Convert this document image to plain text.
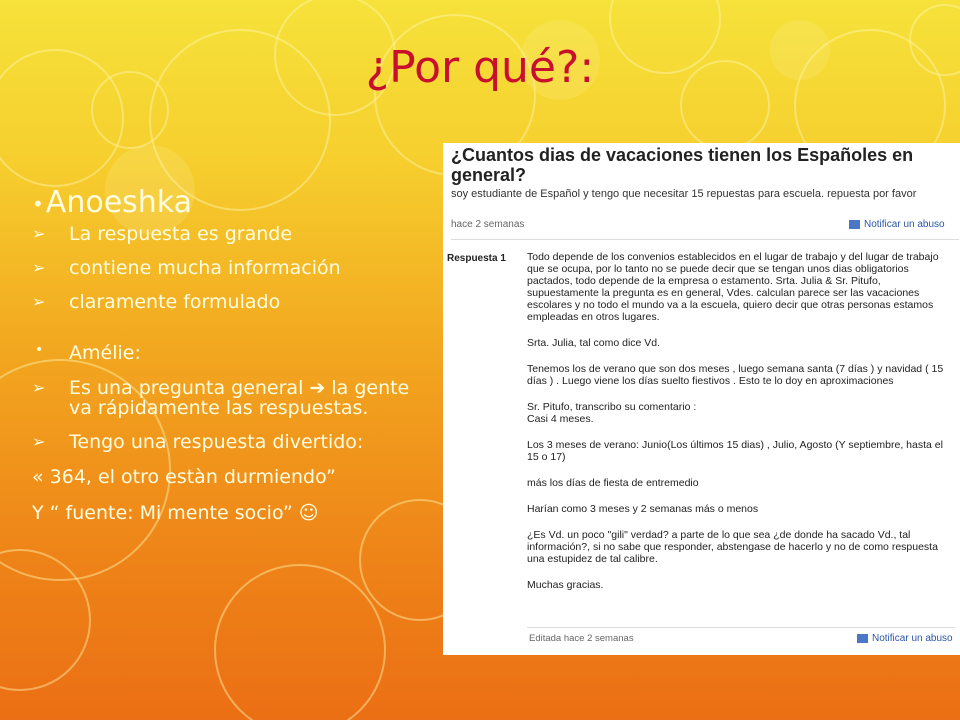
¿Por qué?:
•Anoeshka
➢ La respuesta es grande
➢ contiene mucha información
➢ claramente formulado
• Amélie:
➢ Es una pregunta general ➔ la gente va rápidamente las respuestas.
➢ Tengo una respuesta divertido:
« 364, el otro estàn durmiendo”
Y “ fuente: Mi mente socio” ☺
¿Cuantos dias de vacaciones tienen los Españoles en general?
soy estudiante de Español y tengo que necesitar 15 repuestas para escuela. repuesta por favor
hace 2 semanas	Notificar un abuso
Respuesta 1 Todo depende de los convenios establecidos en el lugar de trabajo y del lugar de trabajo que se ocupa, por lo tanto no se puede decir que se tengan unos dias obligatorios pactados, todo depende de la empresa o estamento. Srta. Julia & Sr. Pitufo, supuestamente la pregunta es en general, Vdes. calculan parece ser las vacaciones escolares y no todo el mundo va a la escuela, quiero decir que otras personas estamos empleadas en otros lugares.

Srta. Julia, tal como dice Vd.

Tenemos los de verano que son dos meses , luego semana santa (7 días ) y navidad ( 15 días ) . Luego viene los días suelto fiestivos . Esto te lo doy en aproximaciones

Sr. Pitufo, transcribo su comentario :
Casi 4 meses.

Los 3 meses de verano: Junio(Los últimos 15 dias) , Julio, Agosto (Y septiembre, hasta el 15 o 17)

más los días de fiesta de entremedio

Harían como 3 meses y 2 semanas más o menos

¿Es Vd. un poco "gili" verdad? a parte de lo que sea ¿de donde ha sacado Vd., tal información?, si no sabe que responder, abstengase de hacerlo y no de como respuesta una estupidez de tal calibre.

Muchas gracias.

Editada hace 2 semanas	Notificar un abuso
